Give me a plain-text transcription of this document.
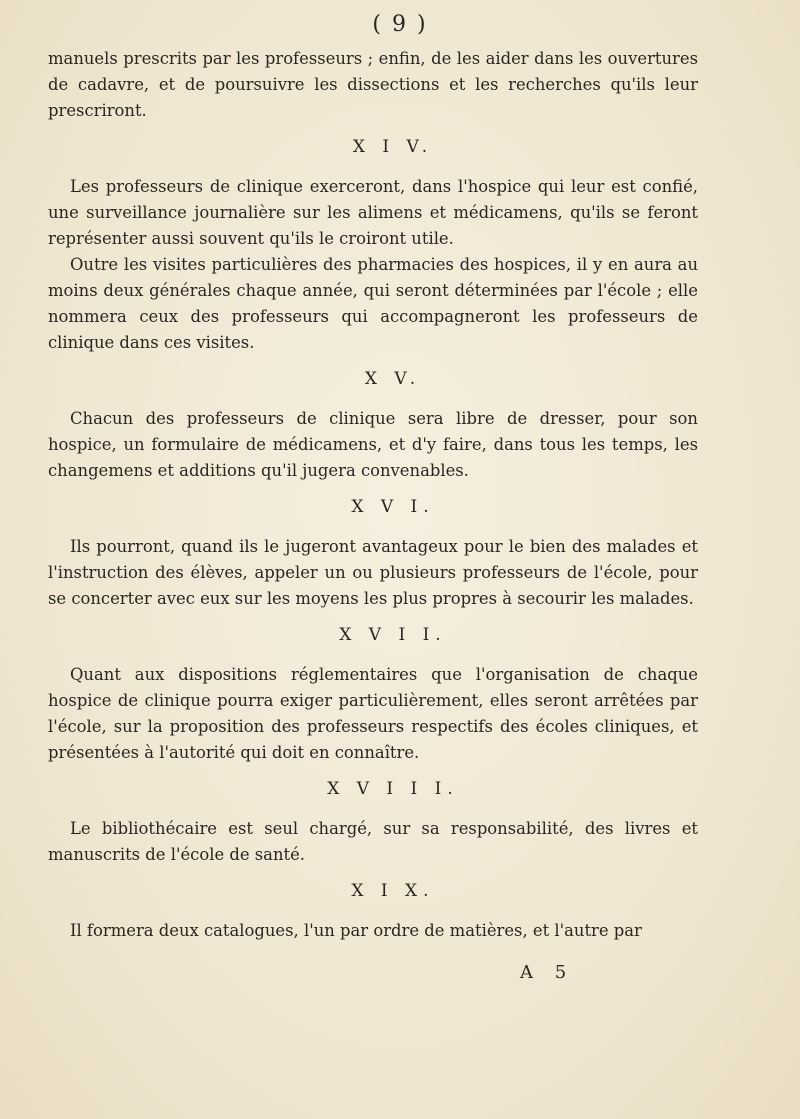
( 9 )

manuels prescrits par les professeurs ; enfin, de les aider dans les ouvertures de cadavre, et de poursuivre les dissections et les recherches qu'ils leur prescriront.

X I V.

Les professeurs de clinique exerceront, dans l'hospice qui leur est confié, une surveillance journalière sur les alimens et médicamens, qu'ils se feront représenter aussi souvent qu'ils le croiront utile.

Outre les visites particulières des pharmacies des hospices, il y en aura au moins deux générales chaque année, qui seront déterminées par l'école ; elle nommera ceux des professeurs qui accompagneront les professeurs de clinique dans ces visites.

X V.

Chacun des professeurs de clinique sera libre de dresser, pour son hospice, un formulaire de médicamens, et d'y faire, dans tous les temps, les changemens et additions qu'il jugera convenables.

X V I.

Ils pourront, quand ils le jugeront avantageux pour le bien des malades et l'instruction des élèves, appeler un ou plusieurs professeurs de l'école, pour se concerter avec eux sur les moyens les plus propres à secourir les malades.

X V I I.

Quant aux dispositions réglementaires que l'organisation de chaque hospice de clinique pourra exiger particulièrement, elles seront arrêtées par l'école, sur la proposition des professeurs respectifs des écoles cliniques, et présentées à l'autorité qui doit en connaître.

X V I I I.

Le bibliothécaire est seul chargé, sur sa responsabilité, des livres et manuscrits de l'école de santé.

X I X.

Il formera deux catalogues, l'un par ordre de matières, et l'autre par

A 5
